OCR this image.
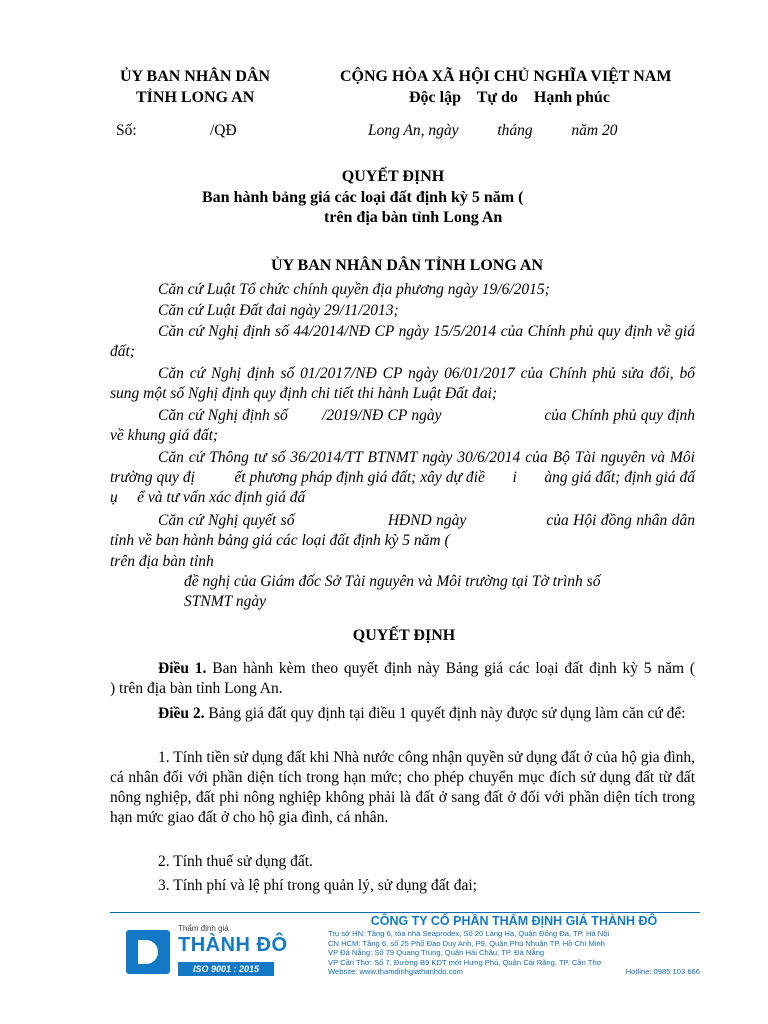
ỦY BAN NHÂN DÂN
TỈNH LONG AN
CỘNG HÒA XÃ HỘI CHỦ NGHĨA VIỆT NAM
Độc lập    Tự do    Hạnh phúc
Số:	/QĐ	Long An, ngày          tháng          năm 20
QUYẾT ĐỊNH
Ban hành bảng giá các loại đất định kỳ 5 năm (
trên địa bàn tỉnh Long An
ỦY BAN NHÂN DÂN TỈNH LONG AN
Căn cứ Luật Tổ chức chính quyền địa phương ngày 19/6/2015;
Căn cứ Luật Đất đai ngày 29/11/2013;
Căn cứ Nghị định số 44/2014/NĐ CP ngày 15/5/2014 của Chính phủ quy định về giá đất;
Căn cứ Nghị định số 01/2017/NĐ CP ngày 06/01/2017 của Chính phủ sửa đổi, bổ sung một số Nghị định quy định chi tiết thi hành Luật Đất đai;
Căn cứ Nghị định số        /2019/NĐ CP ngày                        của Chính phủ quy định về khung giá đất;
Căn cứ Thông tư số 36/2014/TT BTNMT ngày 30/6/2014 của Bộ Tài nguyên và Môi trường quy đị          ết phương pháp định giá đất; xây dự điề       i       àng giá đất; định giá đấ     ụ     ể và tư vấn xác định giá đấ
Căn cứ Nghị quyết số                     HĐND ngày                  của Hội đồng nhân dân tỉnh về ban hành bảng giá các loại đất định kỳ 5 năm (
trên địa bàn tỉnh
đề nghị của Giám đốc Sở Tài nguyên và Môi trường tại Tờ trình số
STNMT ngày
QUYẾT ĐỊNH
Điều 1. Ban hành kèm theo quyết định này Bảng giá các loại đất định kỳ 5 năm (                 ) trên địa bàn tỉnh Long An.
Điều 2. Bảng giá đất quy định tại điều 1 quyết định này được sử dụng làm căn cứ để:
1. Tính tiền sử dụng đất khi Nhà nước công nhận quyền sử dụng đất ở của hộ gia đình, cá nhân đối với phần diện tích trong hạn mức; cho phép chuyển mục đích sử dụng đất từ đất nông nghiệp, đất phi nông nghiệp không phải là đất ở sang đất ở đối với phần diện tích trong hạn mức giao đất ở cho hộ gia đình, cá nhân.
2. Tính thuế sử dụng đất.
3. Tính phí và lệ phí trong quản lý, sử dụng đất đai;
Thẩm định giá
THÀNH ĐÔ
ISO 9001 : 2015
CÔNG TY CỔ PHẦN THẨM ĐỊNH GIÁ THÀNH ĐÔ
Trụ sở HN: Tầng 6, tòa nhà Seaprodex, Số 20 Láng Hạ, Quận Đống Đa, TP. Hà Nội
CN HCM: Tầng 6, số 25 Phố Đào Duy Anh, P9, Quận Phú Nhuận TP. Hồ Chí Minh
VP Đà Nẵng: Số 79 Quang Trung, Quận Hải Châu, TP. Đà Nẵng
VP Cần Thơ: Số 7, Đường B9 KDT mới Hưng Phú, Quận Cái Răng, TP. Cần Thơ
Website: www.thamdinhgiathanhdo.com	Hotline: 0985 103 666
